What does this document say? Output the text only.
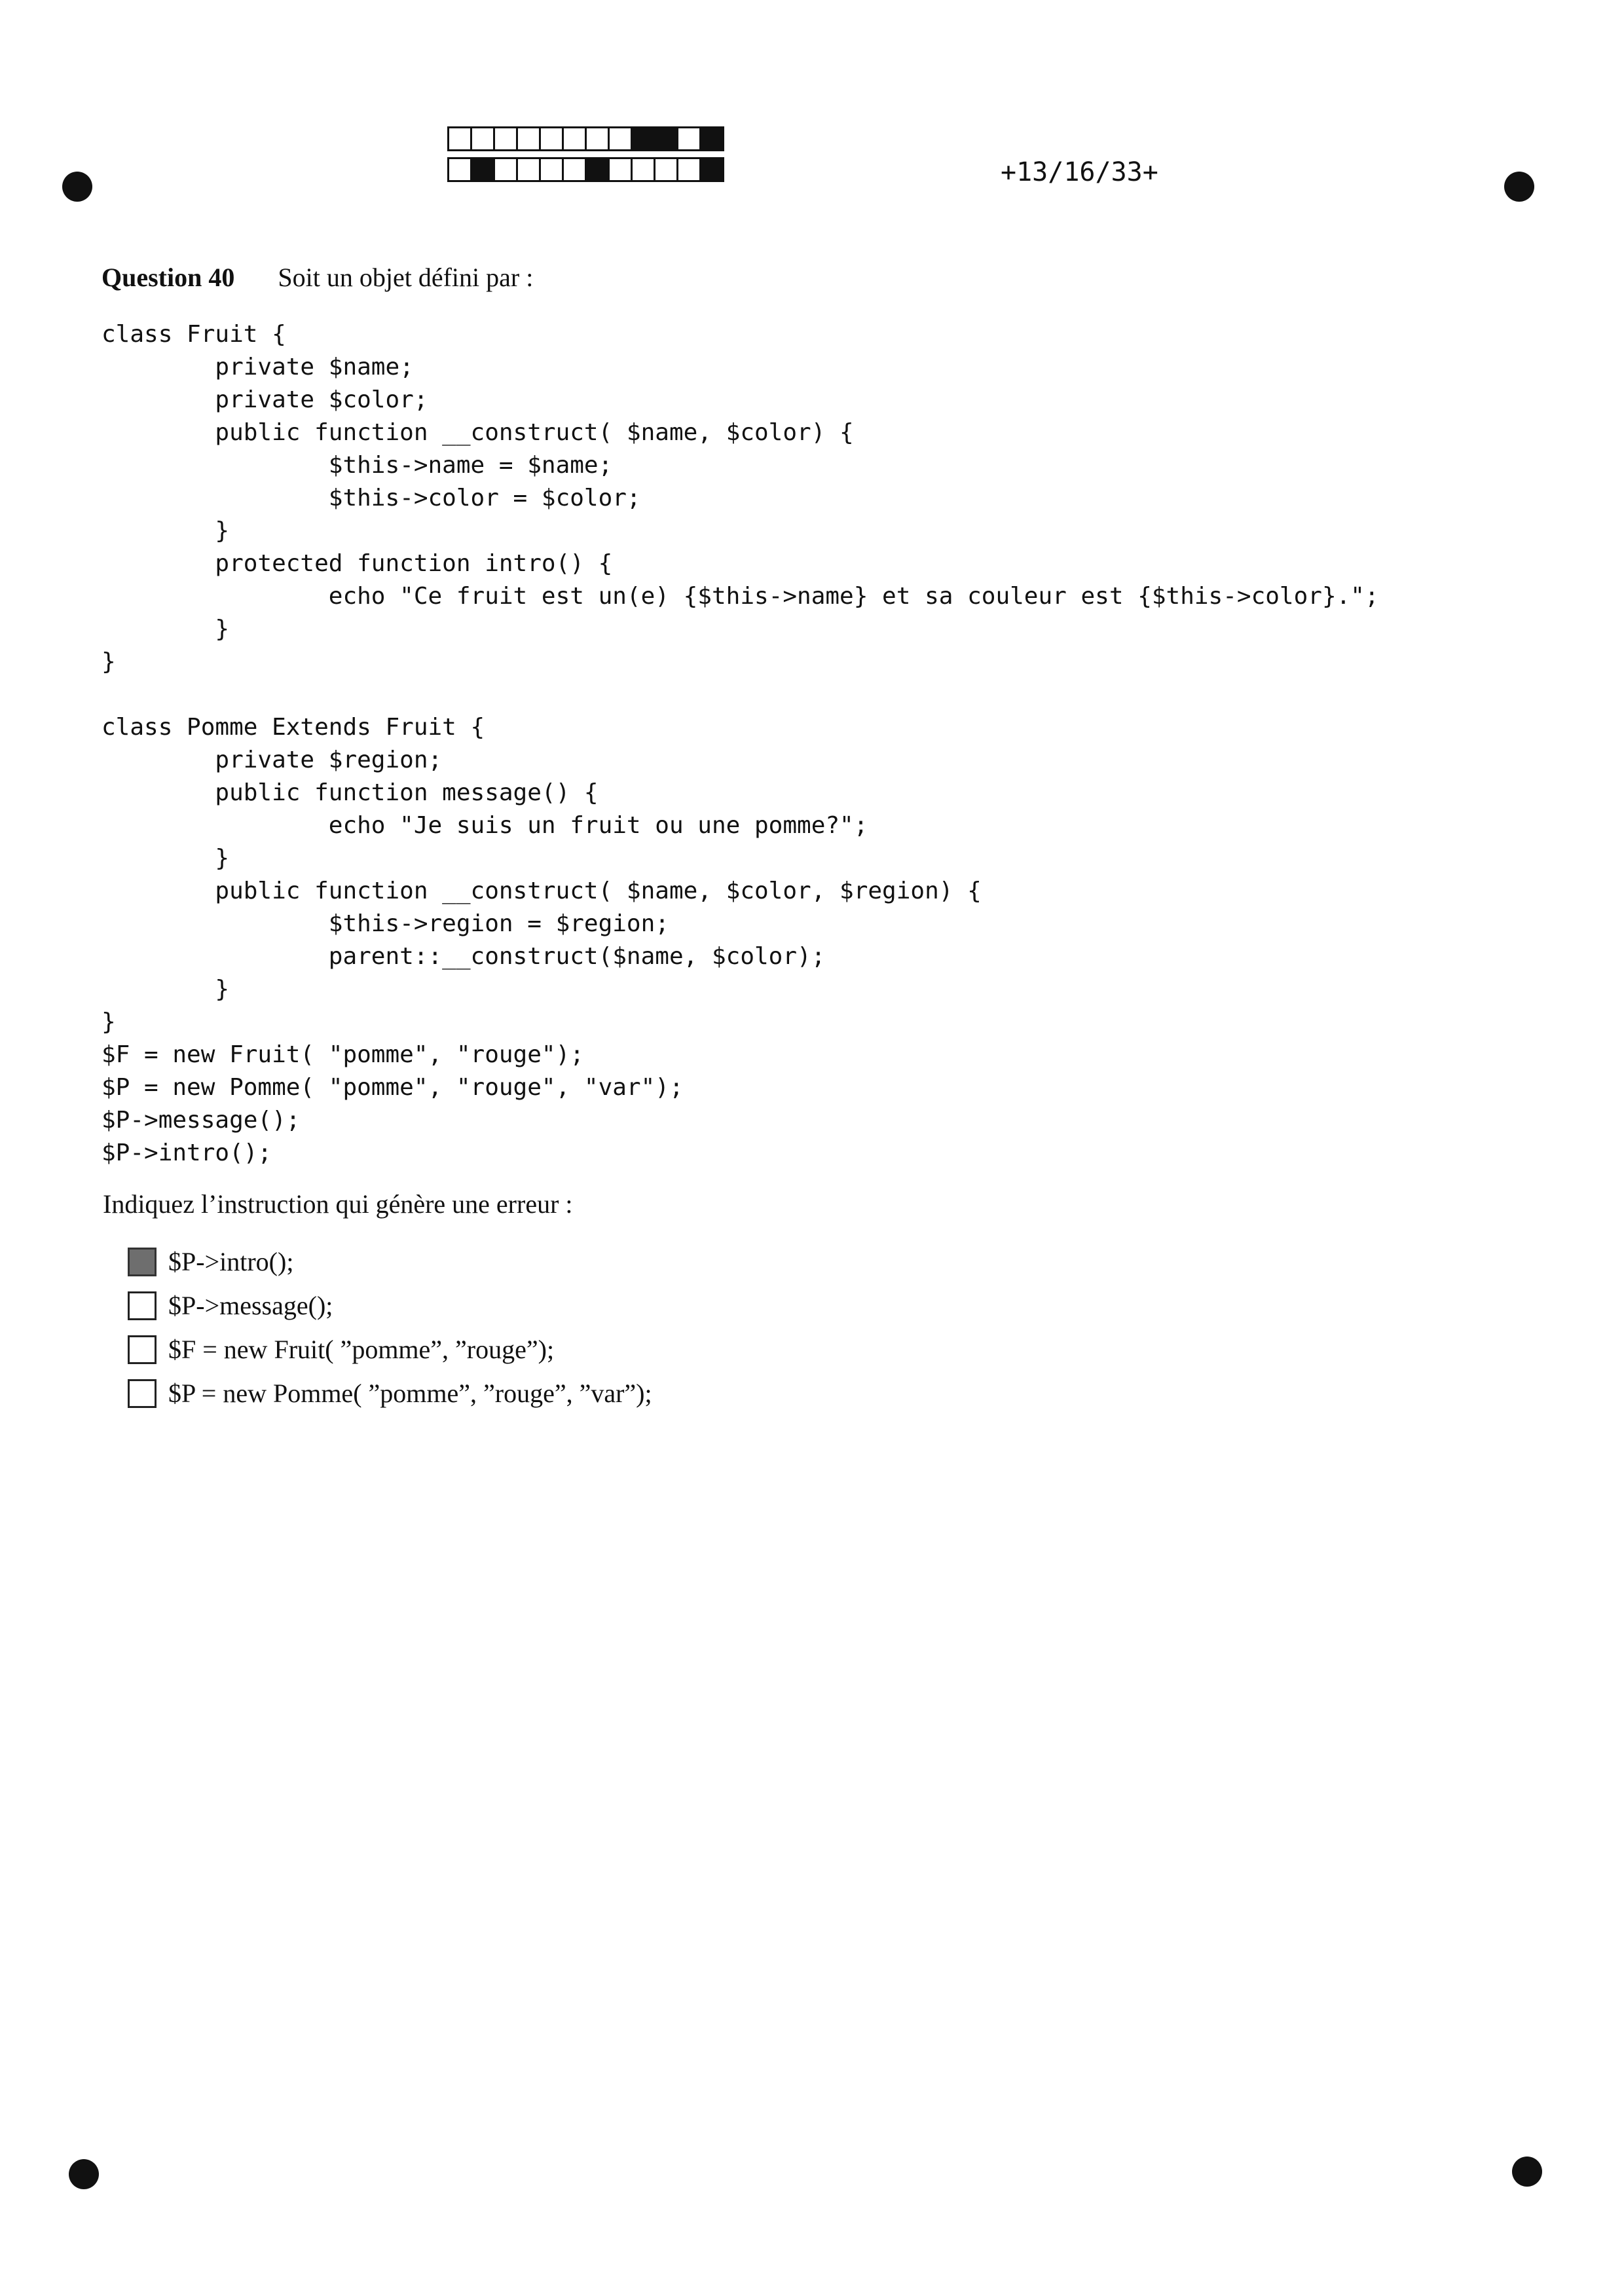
+13/16/33+
Question 40 Soit un objet défini par :
class Fruit {
private $name;
private $color;
public function __construct( $name, $color) {
$this->name = $name;
$this->color = $color;
}
protected function intro() {
echo "Ce fruit est un(e) {$this->name} et sa couleur est {$this->color}.";
}
}
class Pomme Extends Fruit {
private $region;
public function message() {
echo "Je suis un fruit ou une pomme?";
}
public function __construct( $name, $color, $region) {
$this->region = $region;
parent::__construct($name, $color);
}
}
$F = new Fruit( "pomme", "rouge");
$P = new Pomme( "pomme", "rouge", "var");
$P->message();
$P->intro();
Indiquez l’instruction qui génère une erreur :
$P->intro();
$P->message();
$F = new Fruit( ”pomme”, ”rouge”);
$P = new Pomme( ”pomme”, ”rouge”, ”var”);
